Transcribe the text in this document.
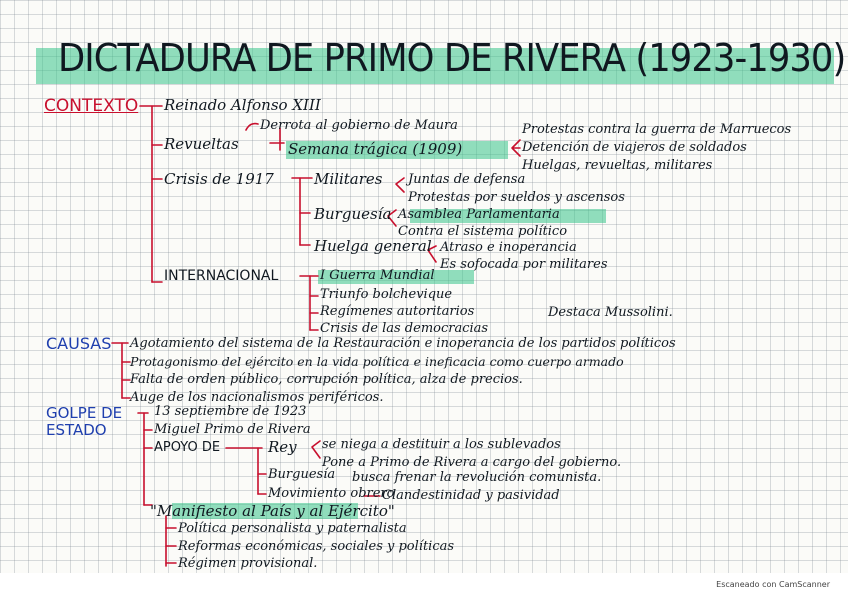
DICTADURA DE PRIMO DE RIVERA (1923-1930)
CONTEXTO Reinado Alfonso XIII
Derrota al gobierno de Maura
Revueltas	Semana trágica (1909)
Protestas contra la guerra de Marruecos
Detención de viajeros de soldados
Huelgas, revueltas, militares
Crisis de 1917	Militares Juntas de defensa
Protestas por sueldos y ascensos
Burguesía Asamblea Parlamentaria
Contra el sistema político
Huelga general Atraso e inoperancia
Es sofocada por militares
INTERNACIONAL	I Guerra Mundial
Triunfo bolchevique
Regímenes autoritarios
Crisis de las democracias
Destaca Mussolini.
CAUSAS Agotamiento del sistema de la Restauración e inoperancia de los partidos políticos
Protagonismo del ejército en la vida política e ineficacia como cuerpo armado
Falta de orden público, corrupción política, alza de precios.
Auge de los nacionalismos periféricos.
GOLPE DE
ESTADO
13 septiembre de 1923
Miguel Primo de Rivera
APOYO DE	Rey se niega a destituir a los sublevados
Pone a Primo de Rivera a cargo del gobierno.
Burguesía busca frenar la revolución comunista.
Movimiento obrero
Clandestinidad y pasividad
"Manifiesto al País y al Ejército"
Política personalista y paternalista
Reformas económicas, sociales y políticas
Régimen provisional.
Escaneado con CamScanner
